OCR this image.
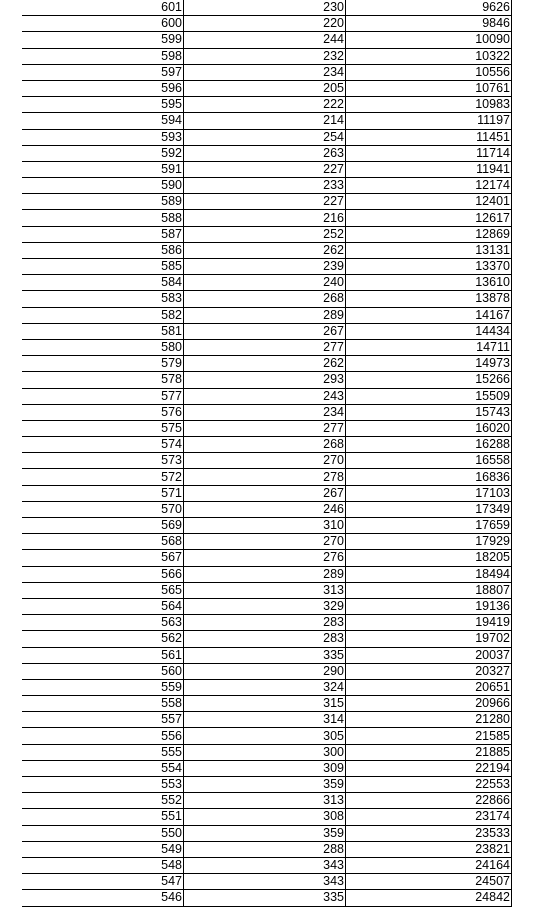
601	230	9626
600	220	9846
599	244	10090
598	232	10322
597	234	10556
596	205	10761
595	222	10983
594	214	11197
593	254	11451
592	263	11714
591	227	11941
590	233	12174
589	227	12401
588	216	12617
587	252	12869
586	262	13131
585	239	13370
584	240	13610
583	268	13878
582	289	14167
581	267	14434
580	277	14711
579	262	14973
578	293	15266
577	243	15509
576	234	15743
575	277	16020
574	268	16288
573	270	16558
572	278	16836
571	267	17103
570	246	17349
569	310	17659
568	270	17929
567	276	18205
566	289	18494
565	313	18807
564	329	19136
563	283	19419
562	283	19702
561	335	20037
560	290	20327
559	324	20651
558	315	20966
557	314	21280
556	305	21585
555	300	21885
554	309	22194
553	359	22553
552	313	22866
551	308	23174
550	359	23533
549	288	23821
548	343	24164
547	343	24507
546	335	24842
